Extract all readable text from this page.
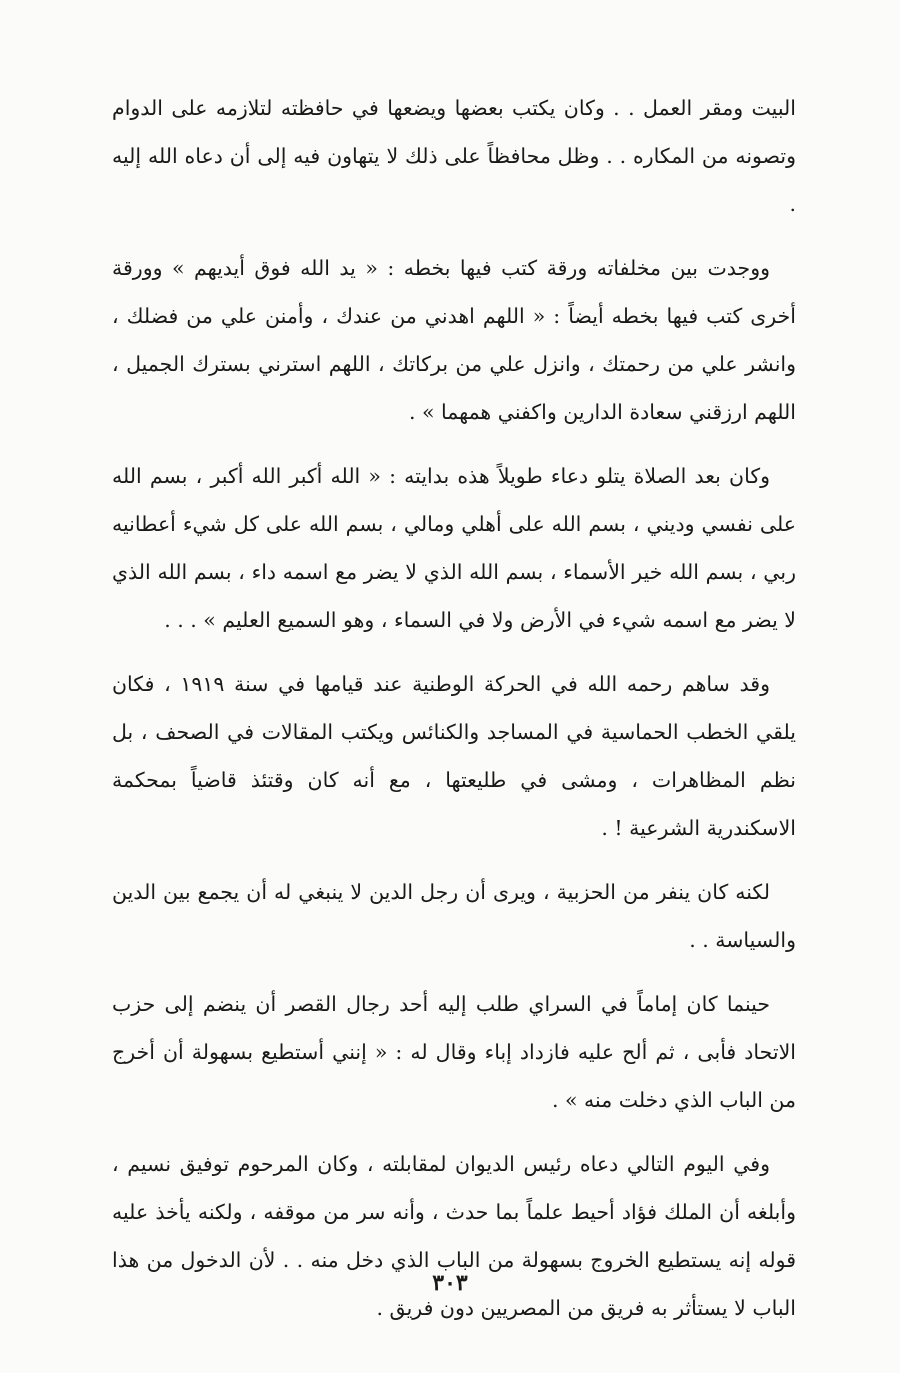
البيت ومقر العمل . . وكان يكتب بعضها ويضعها في حافظته لتلازمه على الدوام وتصونه من المكاره . . وظل محافظاً على ذلك لا يتهاون فيه إلى أن دعاه الله إليه .

ووجدت بين مخلفاته ورقة كتب فيها بخطه : « يد الله فوق أيديهم » وورقة أخرى كتب فيها بخطه أيضاً : « اللهم اهدني من عندك ، وأمنن علي من فضلك ، وانشر علي من رحمتك ، وانزل علي من بركاتك ، اللهم استرني بسترك الجميل ، اللهم ارزقني سعادة الدارين واكفني همهما » .

وكان بعد الصلاة يتلو دعاء طويلاً هذه بدايته : « الله أكبر الله أكبر ، بسم الله على نفسي وديني ، بسم الله على أهلي ومالي ، بسم الله على كل شيء أعطانيه ربي ، بسم الله خير الأسماء ، بسم الله الذي لا يضر مع اسمه داء ، بسم الله الذي لا يضر مع اسمه شيء في الأرض ولا في السماء ، وهو السميع العليم » . . .

وقد ساهم رحمه الله في الحركة الوطنية عند قيامها في سنة ١٩١٩ ، فكان يلقي الخطب الحماسية في المساجد والكنائس ويكتب المقالات في الصحف ، بل نظم المظاهرات ، ومشى في طليعتها ، مع أنه كان وقتئذ قاضياً بمحكمة الاسكندرية الشرعية ! .

لكنه كان ينفر من الحزبية ، ويرى أن رجل الدين لا ينبغي له أن يجمع بين الدين والسياسة . .

حينما كان إماماً في السراي طلب إليه أحد رجال القصر أن ينضم إلى حزب الاتحاد فأبى ، ثم ألح عليه فازداد إباء وقال له : « إنني أستطيع بسهولة أن أخرج من الباب الذي دخلت منه » .

وفي اليوم التالي دعاه رئيس الديوان لمقابلته ، وكان المرحوم توفيق نسيم ، وأبلغه أن الملك فؤاد أحيط علماً بما حدث ، وأنه سر من موقفه ، ولكنه يأخذ عليه قوله إنه يستطيع الخروج بسهولة من الباب الذي دخل منه . . لأن الدخول من هذا الباب لا يستأثر به فريق من المصريين دون فريق .

٣٠٣
